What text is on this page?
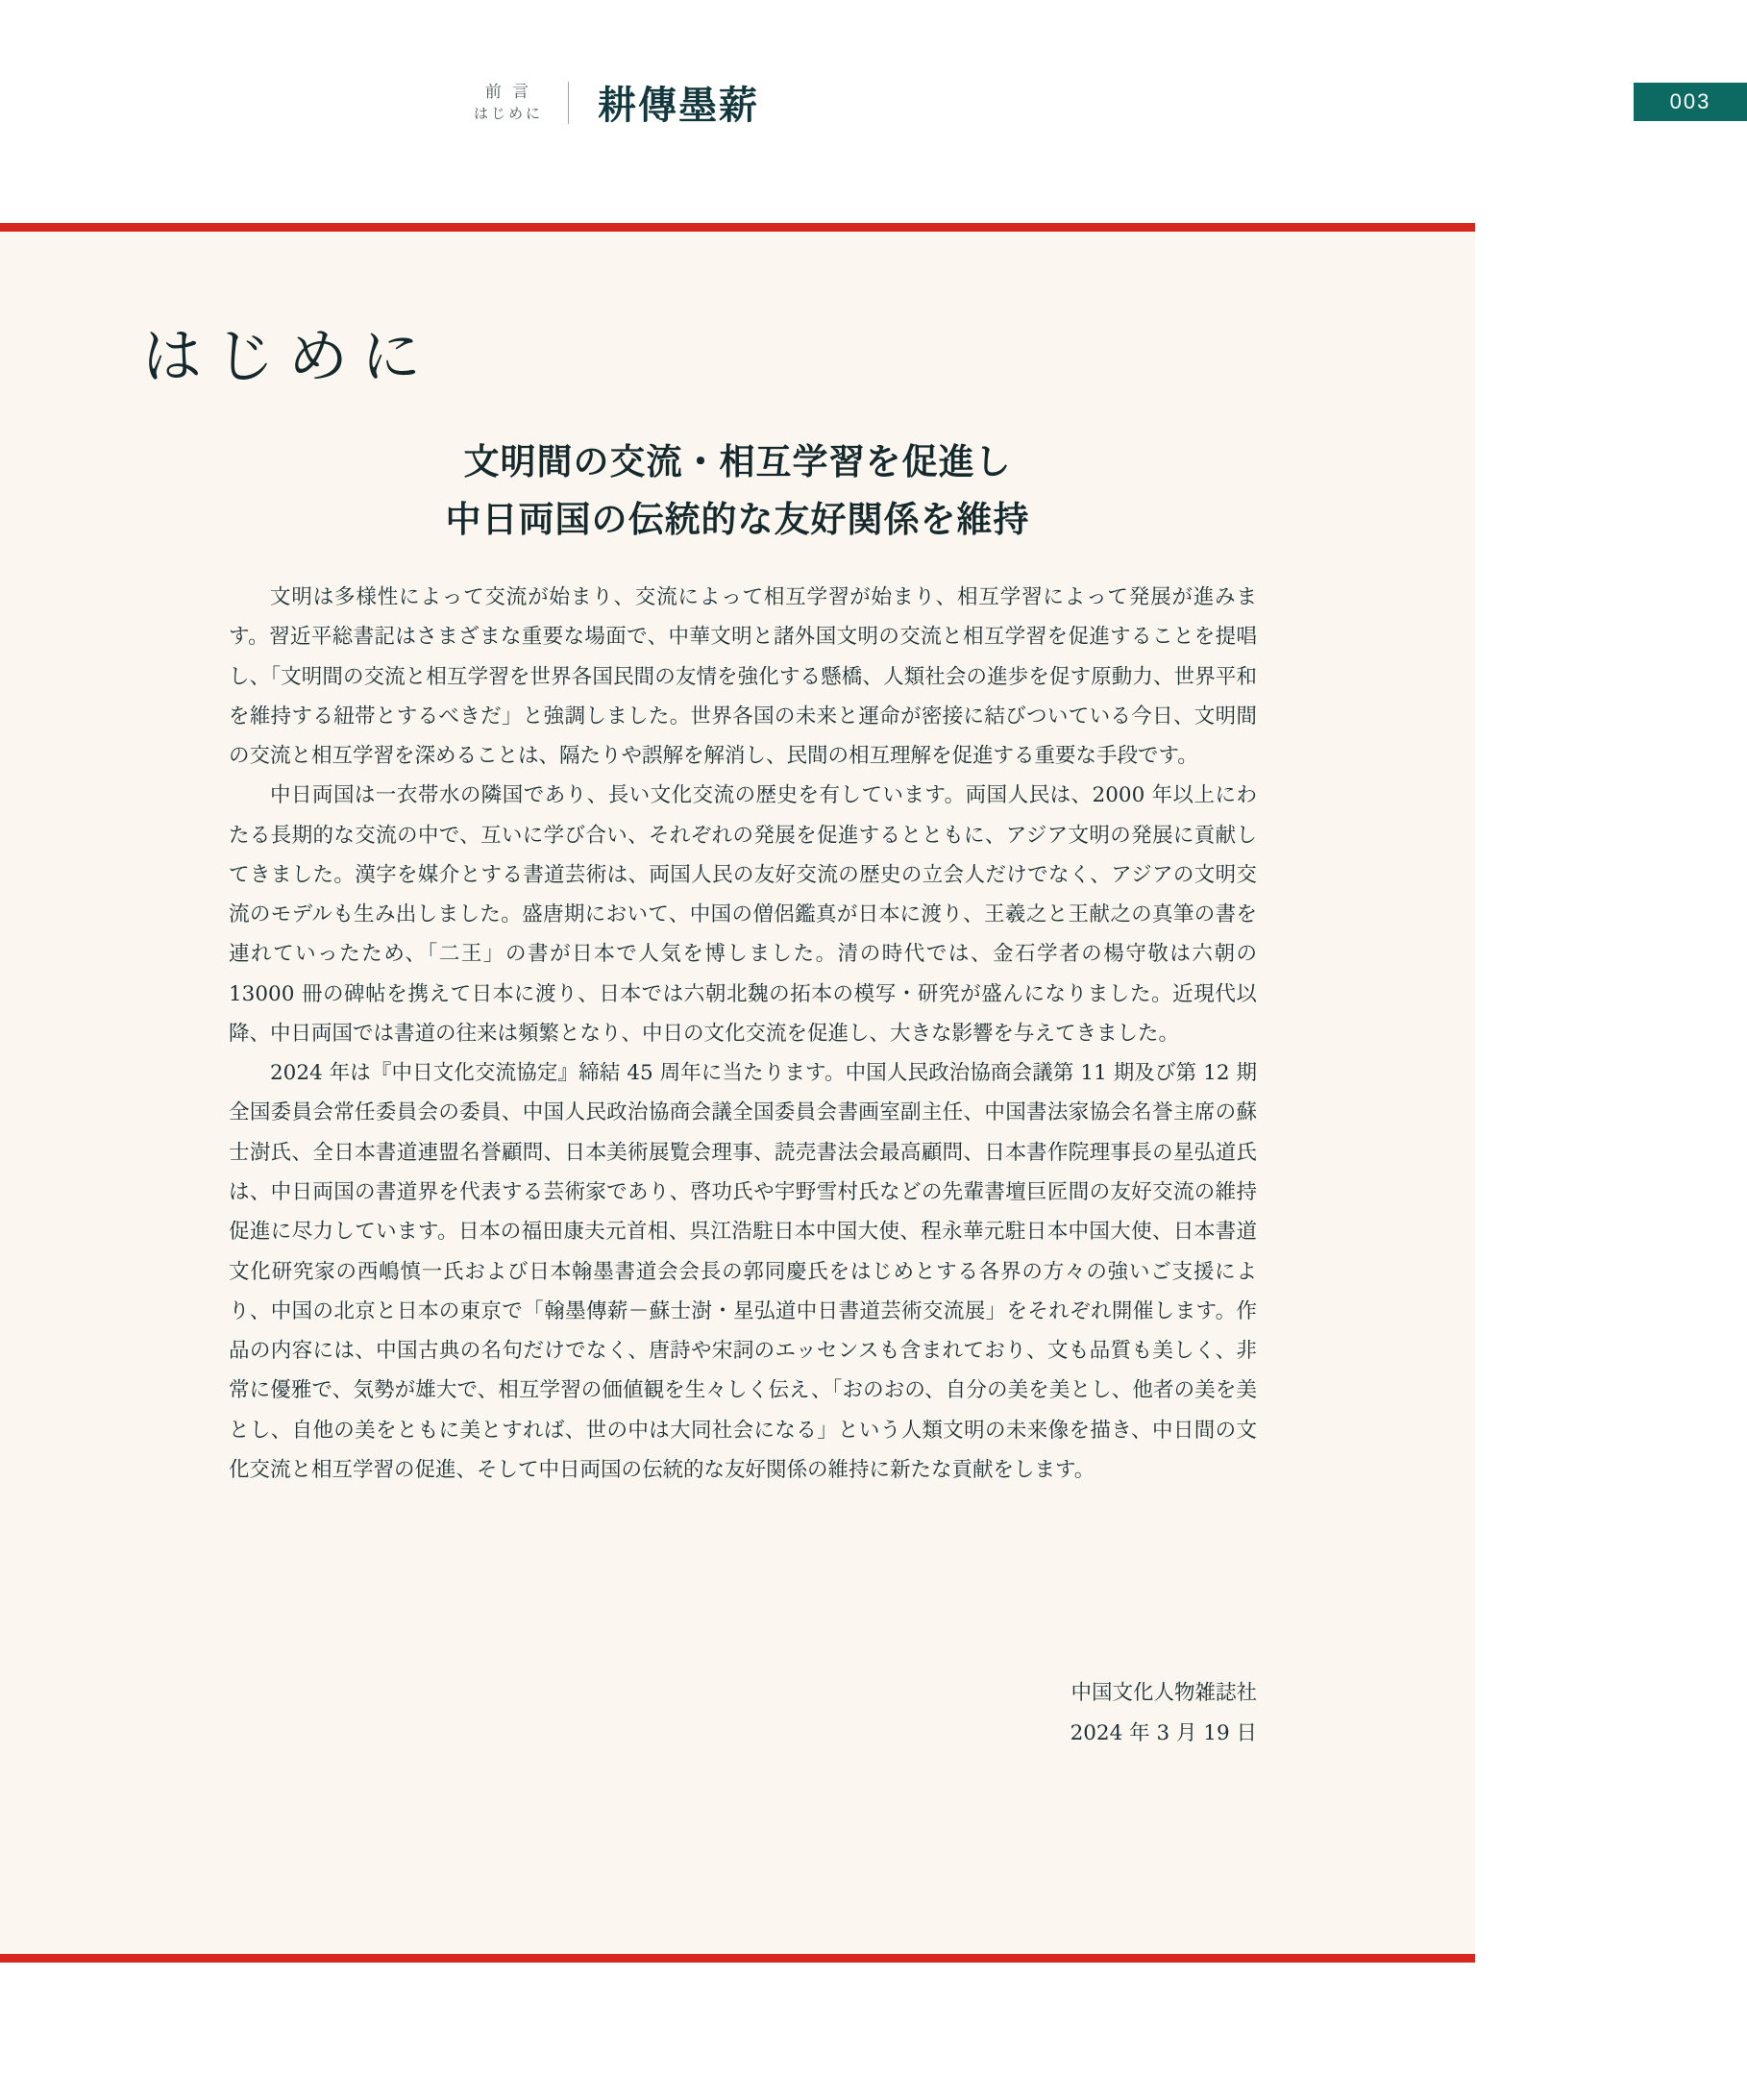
前 言
はじめに	耕傳墨薪	003
はじめに
文明間の交流・相互学習を促進し
中日両国の伝統的な友好関係を維持

文明は多様性によって交流が始まり、交流によって相互学習が始まり、相互学習によって発展が進みます。習近平総書記はさまざまな重要な場面で、中華文明と諸外国文明の交流と相互学習を促進することを提唱し、「文明間の交流と相互学習を世界各国民間の友情を強化する懸橋、人類社会の進歩を促す原動力、世界平和を維持する紐帯とするべきだ」と強調しました。世界各国の未来と運命が密接に結びついている今日、文明間の交流と相互学習を深めることは、隔たりや誤解を解消し、民間の相互理解を促進する重要な手段です。

中日両国は一衣帯水の隣国であり、長い文化交流の歴史を有しています。両国人民は、2000 年以上にわたる長期的な交流の中で、互いに学び合い、それぞれの発展を促進するとともに、アジア文明の発展に貢献してきました。漢字を媒介とする書道芸術は、両国人民の友好交流の歴史の立会人だけでなく、アジアの文明交流のモデルも生み出しました。盛唐期において、中国の僧侶鑑真が日本に渡り、王羲之と王献之の真筆の書を連れていったため、「二王」の書が日本で人気を博しました。清の時代では、金石学者の楊守敬は六朝の 13000 冊の碑帖を携えて日本に渡り、日本では六朝北魏の拓本の模写・研究が盛んになりました。近現代以降、中日両国では書道の往来は頻繁となり、中日の文化交流を促進し、大きな影響を与えてきました。

2024 年は『中日文化交流協定』締結 45 周年に当たります。中国人民政治協商会議第 11 期及び第 12 期全国委員会常任委員会の委員、中国人民政治協商会議全国委員会書画室副主任、中国書法家協会名誉主席の蘇士澍氏、全日本書道連盟名誉顧問、日本美術展覧会理事、読売書法会最高顧問、日本書作院理事長の星弘道氏は、中日両国の書道界を代表する芸術家であり、啓功氏や宇野雪村氏などの先輩書壇巨匠間の友好交流の維持促進に尽力しています。日本の福田康夫元首相、呉江浩駐日本中国大使、程永華元駐日本中国大使、日本書道文化研究家の西嶋慎一氏および日本翰墨書道会会長の郭同慶氏をはじめとする各界の方々の強いご支援により、中国の北京と日本の東京で「翰墨傳薪－蘇士澍・星弘道中日書道芸術交流展」をそれぞれ開催します。作品の内容には、中国古典の名句だけでなく、唐詩や宋詞のエッセンスも含まれており、文も品質も美しく、非常に優雅で、気勢が雄大で、相互学習の価値観を生々しく伝え、「おのおの、自分の美を美とし、他者の美を美とし、自他の美をともに美とすれば、世の中は大同社会になる」という人類文明の未来像を描き、中日間の文化交流と相互学習の促進、そして中日両国の伝統的な友好関係の維持に新たな貢献をします。

中国文化人物雑誌社
2024 年 3 月 19 日
